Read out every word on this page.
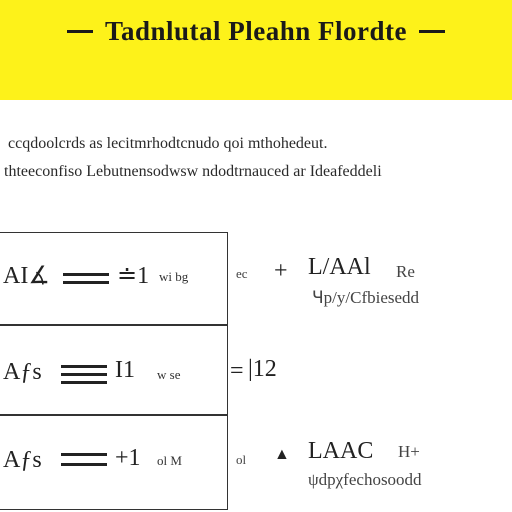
Tadnlutal Pleahn Flordte
ccqdoolcrds as lecitmrhodtcnudo qoi mthohedeut.
thteeconfiso Lebutnensodwsw ndodtrnauced ar Ideafeddeli
AI∡	≐1 wi bg	ec + L/AAl Re
Ɥp/y/Cfbiesedd
Aƒs	I1 w se = |12
Aƒs	+1 ol M	ol ▲ LAAC H+
ψdpχfechosoodd
